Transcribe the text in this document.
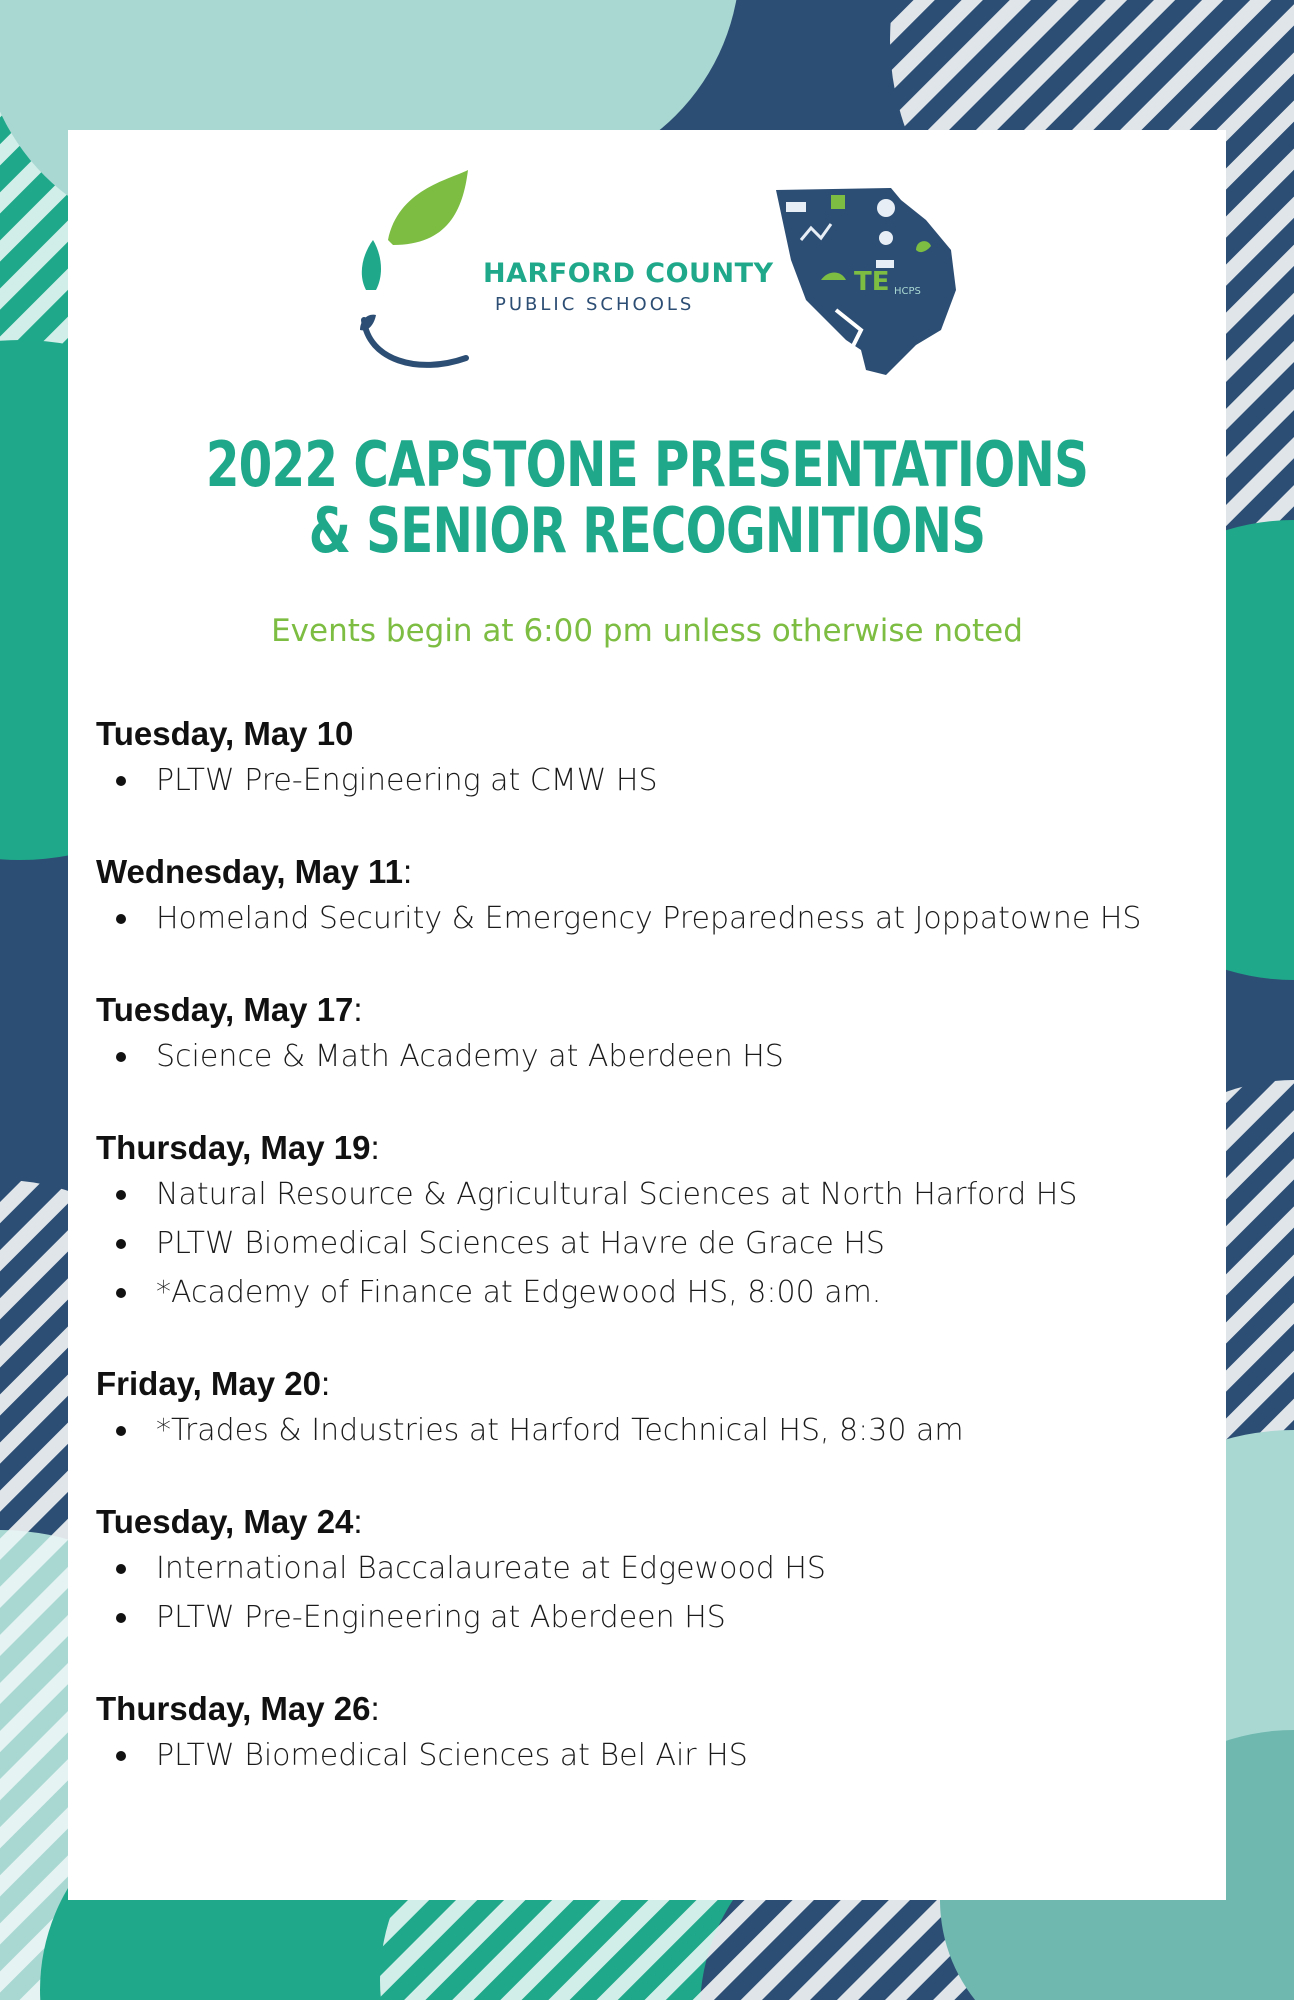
HARFORD COUNTY
PUBLIC SCHOOLS
TE HCPS
2022 CAPSTONE PRESENTATIONS
& SENIOR RECOGNITIONS
Events begin at 6:00 pm unless otherwise noted
Tuesday, May 10
PLTW Pre-Engineering at CMW HS
Wednesday, May 11:
Homeland Security & Emergency Preparedness at Joppatowne HS
Tuesday, May 17:
Science & Math Academy at Aberdeen HS
Thursday, May 19:
Natural Resource & Agricultural Sciences at North Harford HS
PLTW Biomedical Sciences at Havre de Grace HS
*Academy of Finance at Edgewood HS, 8:00 am.
Friday, May 20:
*Trades & Industries at Harford Technical HS, 8:30 am
Tuesday, May 24:
International Baccalaureate at Edgewood HS
PLTW Pre-Engineering at Aberdeen HS
Thursday, May 26:
PLTW Biomedical Sciences at Bel Air HS
